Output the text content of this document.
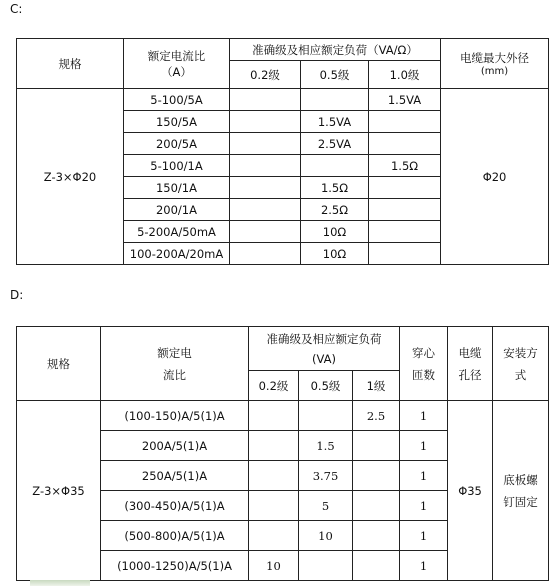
C:
规格	额定电流比
（A）	准确级及相应额定负荷（VA/Ω）			电缆最大外径
(mm)

		0.2级	0.5级	1.0级	
Z-3×Φ20	5-100/5A			1.5VA	Φ20
	150/5A		1.5VA		
	200/5A		2.5VA		
	5-100/1A			1.5Ω	
	150/1A		1.5Ω		
	200/1A		2.5Ω		
	5-200A/50mA		10Ω		
	100-200A/20mA		10Ω		
D:
规格	额定电
流比	准确级及相应额定负荷
(VA)			穿心
匝数	电缆
孔径	安装方
式

		0.2级	0.5级	1级			
Z-3×Φ35	(100-150)A/5(1)A			2.5	1	Φ35	底板螺
钉固定

	200A/5(1)A		1.5		1		
	250A/5(1)A		3.75		1		
	(300-450)A/5(1)A		5		1		
	(500-800)A/5(1)A		10		1		
	(1000-1250)A/5(1)A	10			1		
